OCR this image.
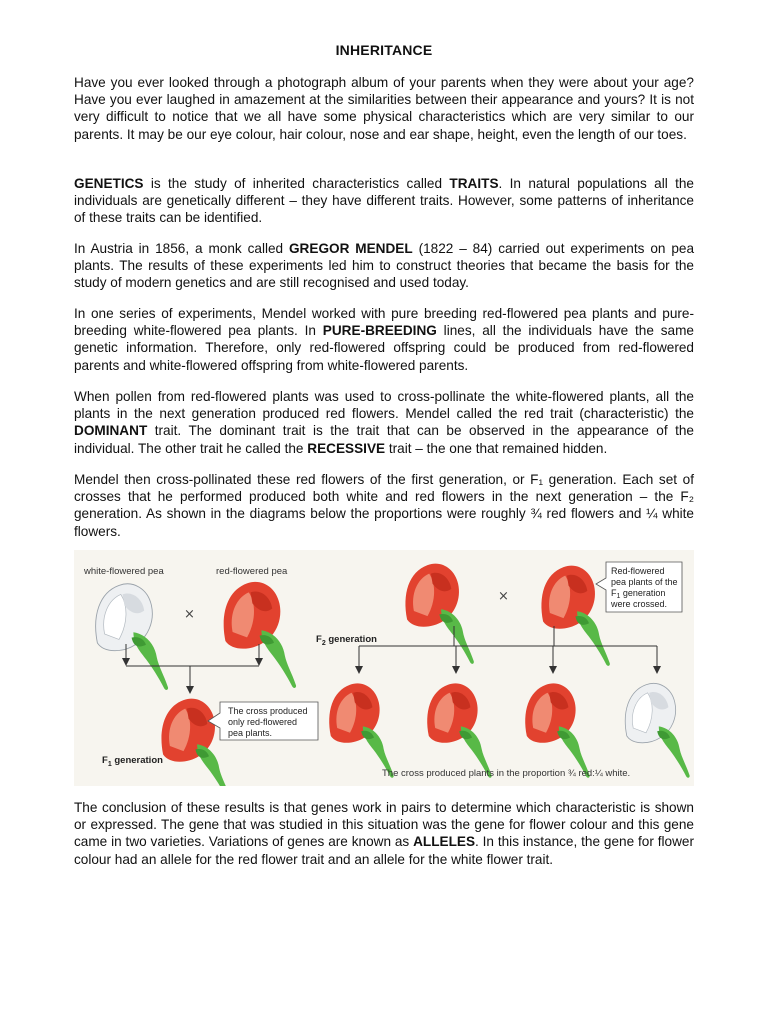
INHERITANCE

Have you ever looked through a photograph album of your parents when they were about your age? Have you ever laughed in amazement at the similarities between their appearance and yours? It is not very difficult to notice that we all have some physical characteristics which are very similar to our parents. It may be our eye colour, hair colour, nose and ear shape, height, even the length of our toes.

GENETICS is the study of inherited characteristics called TRAITS. In natural populations all the individuals are genetically different – they have different traits. However, some patterns of inheritance of these traits can be identified.

In Austria in 1856, a monk called GREGOR MENDEL (1822 – 84) carried out experiments on pea plants. The results of these experiments led him to construct theories that became the basis for the study of modern genetics and are still recognised and used today.

In one series of experiments, Mendel worked with pure breeding red-flowered pea plants and pure-breeding white-flowered pea plants. In PURE-BREEDING lines, all the individuals have the same genetic information. Therefore, only red-flowered offspring could be produced from red-flowered parents and white-flowered offspring from white-flowered parents.

When pollen from red-flowered plants was used to cross-pollinate the white-flowered plants, all the plants in the next generation produced red flowers. Mendel called the red trait (characteristic) the DOMINANT trait. The dominant trait is the trait that can be observed in the appearance of the individual. The other trait he called the RECESSIVE trait – the one that remained hidden.

Mendel then cross-pollinated these red flowers of the first generation, or F₁ generation. Each set of crosses that he performed produced both white and red flowers in the next generation – the F₂ generation. As shown in the diagrams below the proportions were roughly ¾ red flowers and ¼ white flowers.

white-flowered pea	red-flowered pea
×
The cross produced
only red-flowered
pea plants.
$F_1$ generation
×
Red-flowered
pea plants of the
$F_1$ generation
were crossed.
$F_2$ generation
The cross produced plants in the proportion ¾ red:¼ white.

The conclusion of these results is that genes work in pairs to determine which characteristic is shown or expressed. The gene that was studied in this situation was the gene for flower colour and this gene came in two varieties. Variations of genes are known as ALLELES. In this instance, the gene for flower colour had an allele for the red flower trait and an allele for the white flower trait.
